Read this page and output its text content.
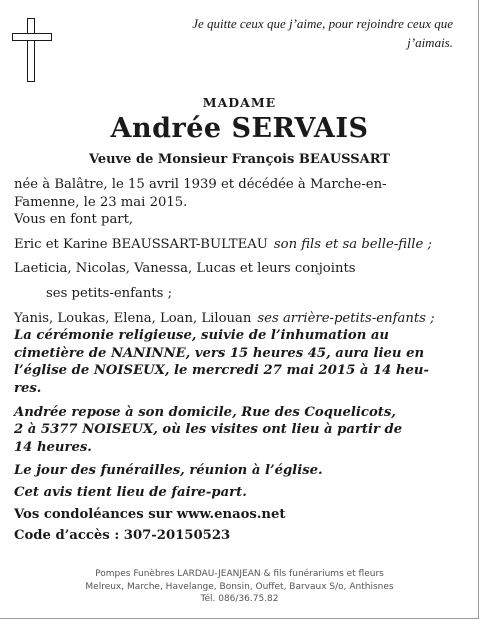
Je quitte ceux que j’aime, pour rejoindre ceux que
j’aimais.
MADAME
Andrée SERVAIS
Veuve de Monsieur François BEAUSSART
née à Balâtre, le 15 avril 1939 et décédée à Marche-en-
Famenne, le 23 mai 2015.
Vous en font part,
Eric et Karine BEAUSSART-BULTEAU son fils et sa belle-fille ;
Laeticia, Nicolas, Vanessa, Lucas et leurs conjoints
ses petits-enfants ;
Yanis, Loukas, Elena, Loan, Lilouan ses arrière-petits-enfants ;
La cérémonie religieuse, suivie de l’inhumation au
cimetière de NANINNE, vers 15 heures 45, aura lieu en
l’église de NOISEUX, le mercredi 27 mai 2015 à 14 heu-
res.
Andrée repose à son domicile, Rue des Coquelicots,
2 à 5377 NOISEUX, où les visites ont lieu à partir de
14 heures.
Le jour des funérailles, réunion à l’église.
Cet avis tient lieu de faire-part.
Vos condoléances sur www.enaos.net
Code d’accès : 307-20150523
Pompes Funèbres LARDAU-JEANJEAN & fils funérariums et fleurs
Melreux, Marche, Havelange, Bonsin, Ouffet, Barvaux S/o, Anthisnes
Tél. 086/36.75.82
